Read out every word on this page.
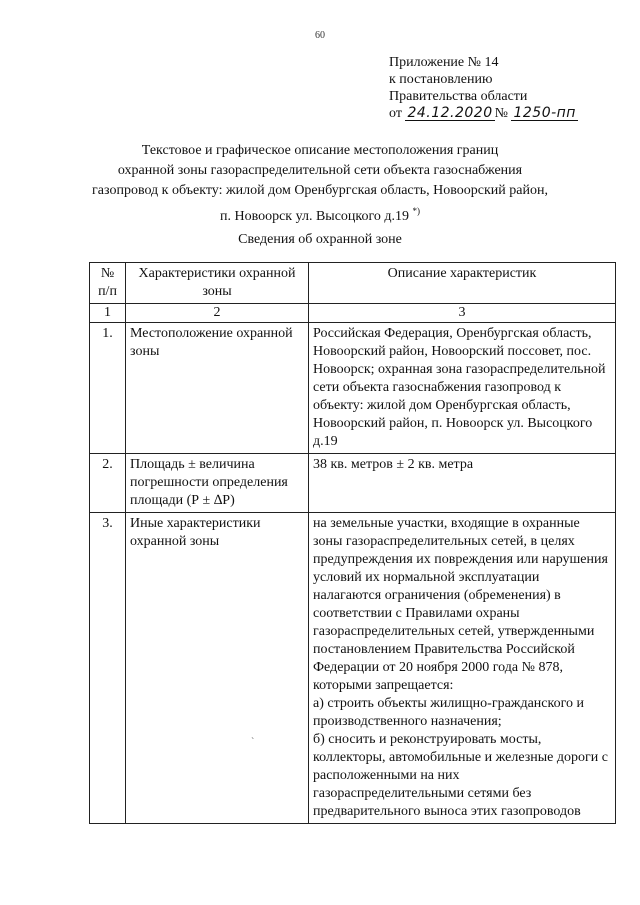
60
Приложение № 14
к постановлению
Правительства области
от
24.12.2020 №
1250-пп
Текстовое и графическое описание местоположения границ
охранной зоны газораспределительной сети объекта газоснабжения
газопровод к объекту: жилой дом Оренбургская область, Новоорский район,
п. Новоорск ул. Высоцкого д.19 *)
Сведения об охранной зоне
№ п/п	Характеристики охранной зоны	Описание характеристик
1	2	3
1.	Местоположение охранной зоны	Российская Федерация, Оренбургская область, Новоорский район, Новоорский поссовет, пос. Новоорск; охранная зона газораспределительной сети объекта газоснабжения газопровод к объекту: жилой дом Оренбургская область, Новоорский район, п. Новоорск ул. Высоцкого д.19
2.	Площадь ± величина погрешности определения площади (Р ± ∆Р)	38 кв. метров ± 2 кв. метра
3.	Иные характеристики охранной зоны	на земельные участки, входящие в охранные зоны газораспределительных сетей, в целях предупреждения их повреждения или нарушения условий их нормальной эксплуатации налагаются ограничения (обременения) в соответствии с Правилами охраны газораспределительных сетей, утвержденными постановлением Правительства Российской Федерации от 20 ноября 2000 года № 878, которыми запрещается:
а) строить объекты жилищно-гражданского и производственного назначения;
б) сносить и реконструировать мосты, коллекторы, автомобильные и железные дороги с расположенными на них газораспределительными сетями без предварительного выноса этих газопроводов
`
